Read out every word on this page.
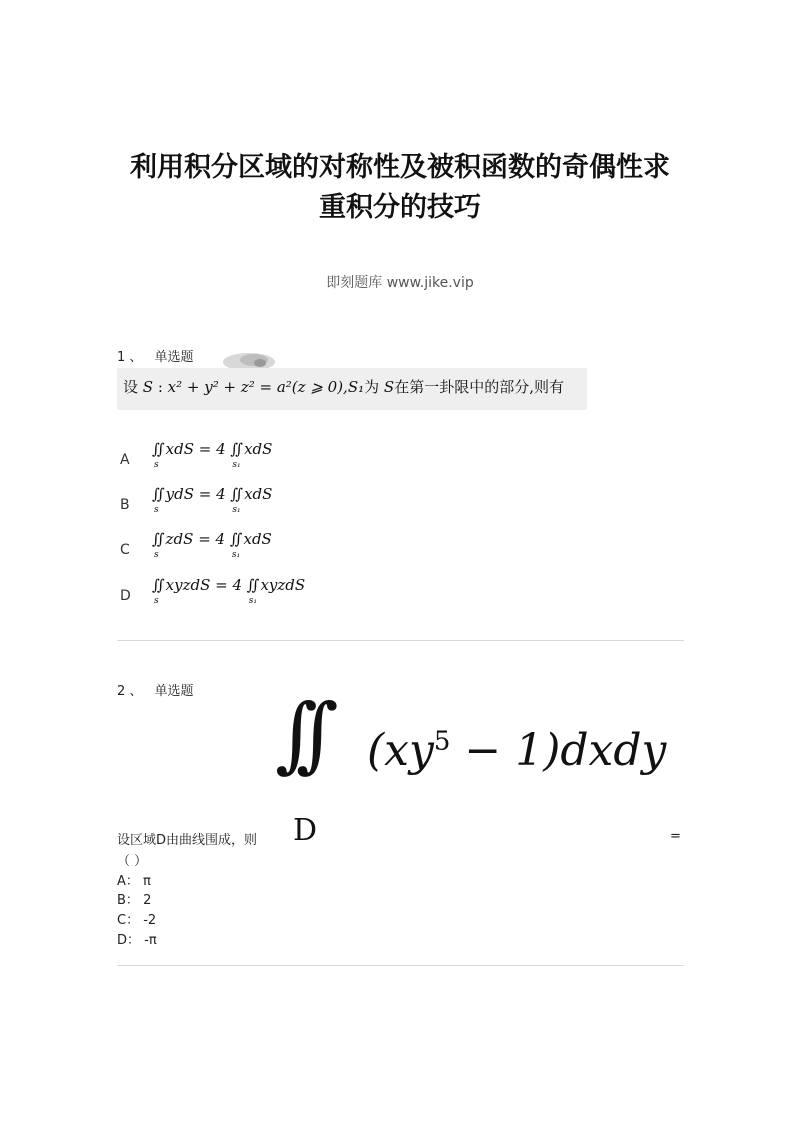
利用积分区域的对称性及被积函数的奇偶性求
重积分的技巧
即刻题库 www.jike.vip
1 、 单选题
设 S : x² + y² + z² = a²(z ⩾ 0),S₁为 S在第一卦限中的部分,则有
A
∫∫
s
xdS = 4 ∫∫
s₁
xdS
B
∫∫
s
ydS = 4 ∫∫
s₁
xdS
C
∫∫
s
zdS = 4 ∫∫
s₁
xdS
D
∫∫
s
xyzdS = 4 ∫∫
s₁
xyzdS
2 、 单选题 ∫∫ ($xy^5$ − 1)dxdy
D
设区域D由曲线围成，则	=
（ ）
A： π
B： 2
C： -2
D： -π
